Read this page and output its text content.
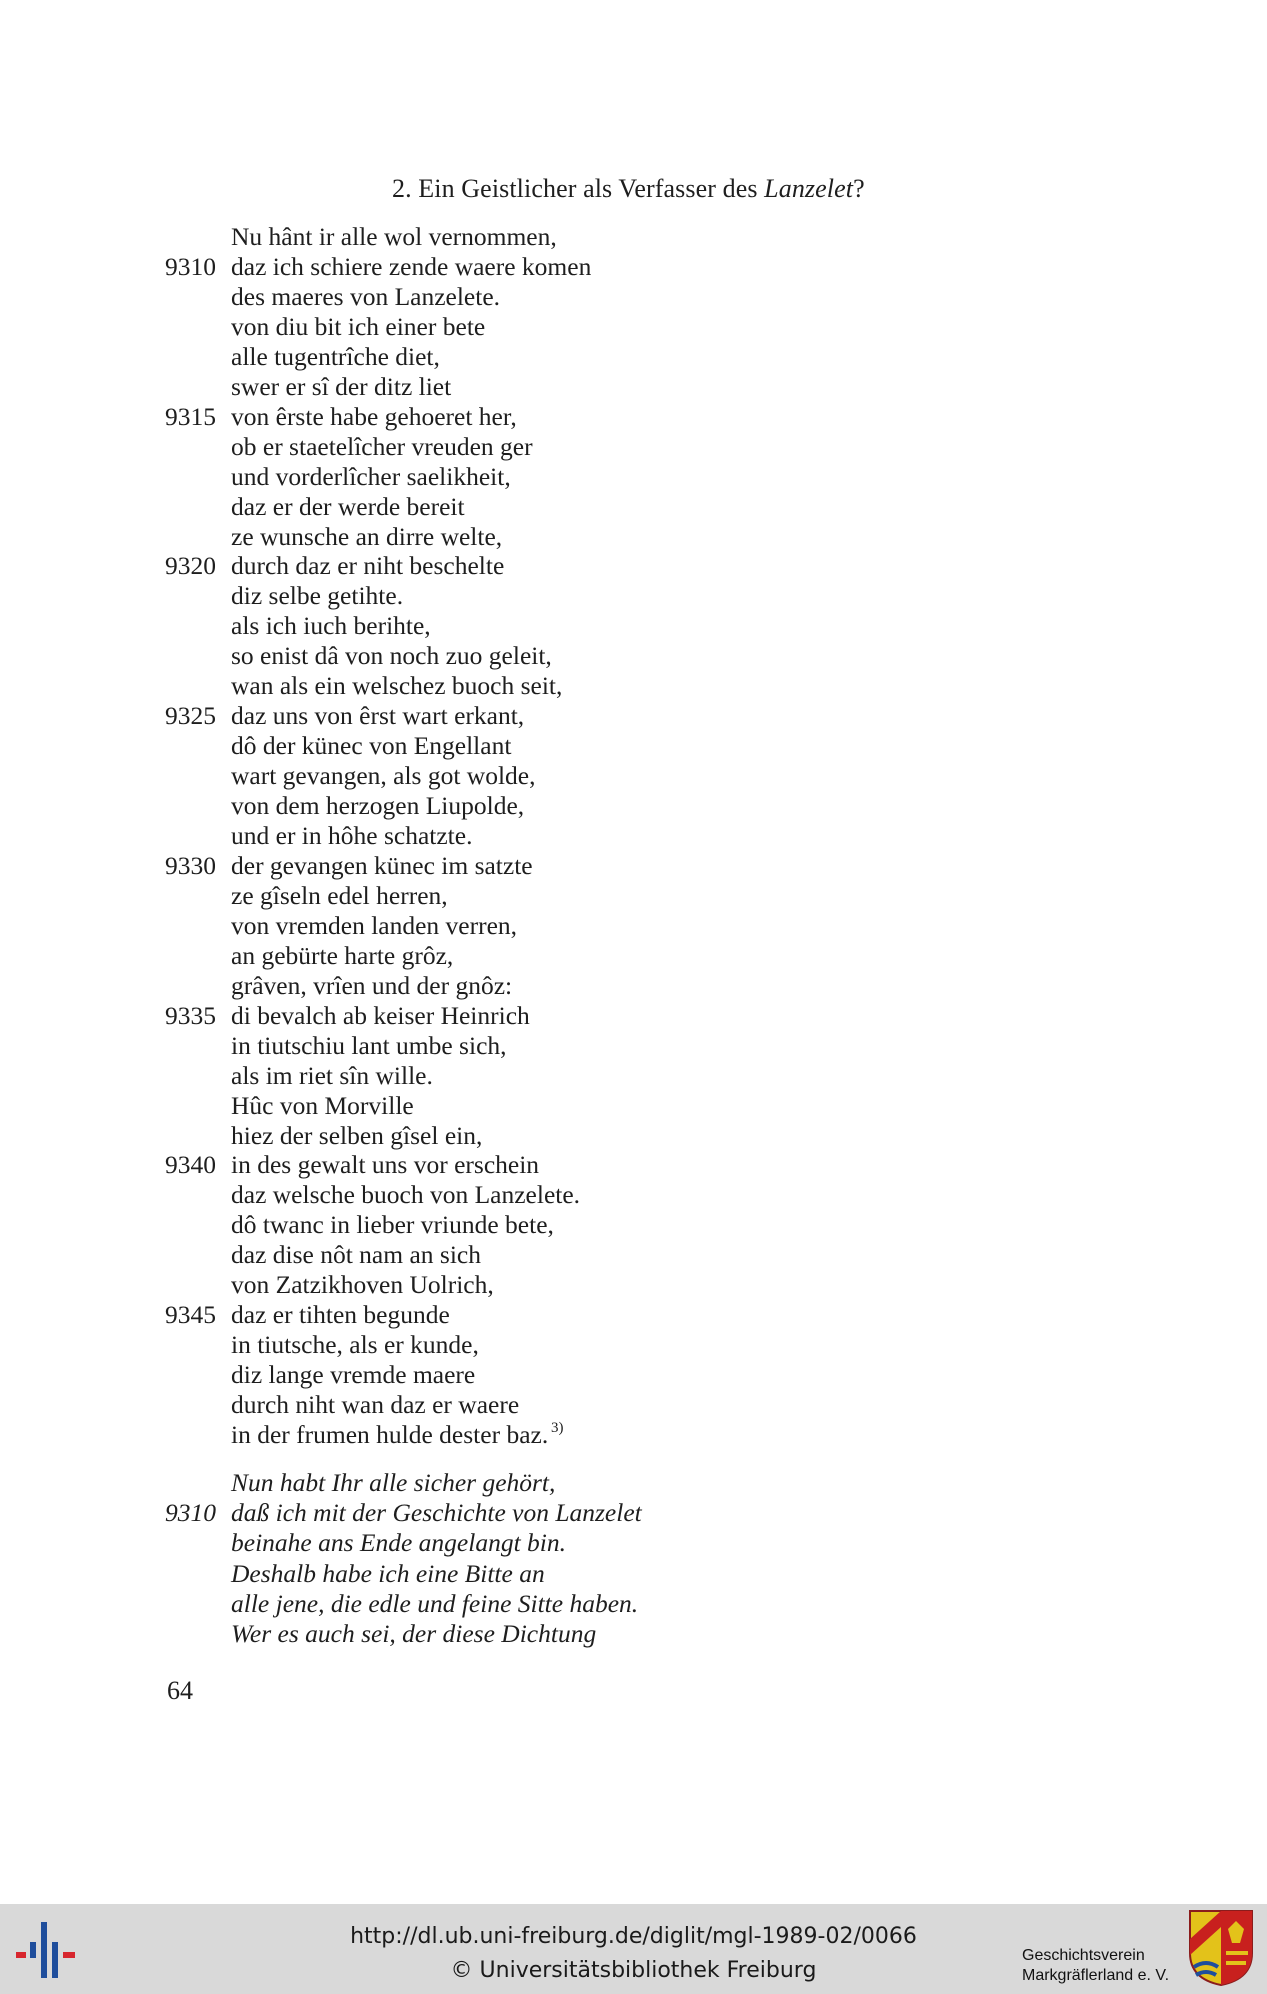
2. Ein Geistlicher als Verfasser des Lanzelet?
Nu hânt ir alle wol vernommen,
9310 daz ich schiere zende waere komen
des maeres von Lanzelete.
von diu bit ich einer bete
alle tugentrîche diet,
swer er sî der ditz liet
9315 von êrste habe gehoeret her,
ob er staetelîcher vreuden ger
und vorderlîcher saelikheit,
daz er der werde bereit
ze wunsche an dirre welte,
9320 durch daz er niht beschelte
diz selbe getihte.
als ich iuch berihte,
so enist dâ von noch zuo geleit,
wan als ein welschez buoch seit,
9325 daz uns von êrst wart erkant,
dô der künec von Engellant
wart gevangen, als got wolde,
von dem herzogen Liupolde,
und er in hôhe schatzte.
9330 der gevangen künec im satzte
ze gîseln edel herren,
von vremden landen verren,
an gebürte harte grôz,
grâven, vrîen und der gnôz:
9335 di bevalch ab keiser Heinrich
in tiutschiu lant umbe sich,
als im riet sîn wille.
Hûc von Morville
hiez der selben gîsel ein,
9340 in des gewalt uns vor erschein
daz welsche buoch von Lanzelete.
dô twanc in lieber vriunde bete,
daz dise nôt nam an sich
von Zatzikhoven Uolrich,
9345 daz er tihten begunde
in tiutsche, als er kunde,
diz lange vremde maere
durch niht wan daz er waere
in der frumen hulde dester baz. 3)
Nun habt Ihr alle sicher gehört,
9310 daß ich mit der Geschichte von Lanzelet
beinahe ans Ende angelangt bin.
Deshalb habe ich eine Bitte an
alle jene, die edle und feine Sitte haben.
Wer es auch sei, der diese Dichtung
64
http://dl.ub.uni-freiburg.de/diglit/mgl-1989-02/0066
© Universitätsbibliothek Freiburg
Geschichtsverein
Markgräflerland e. V.
